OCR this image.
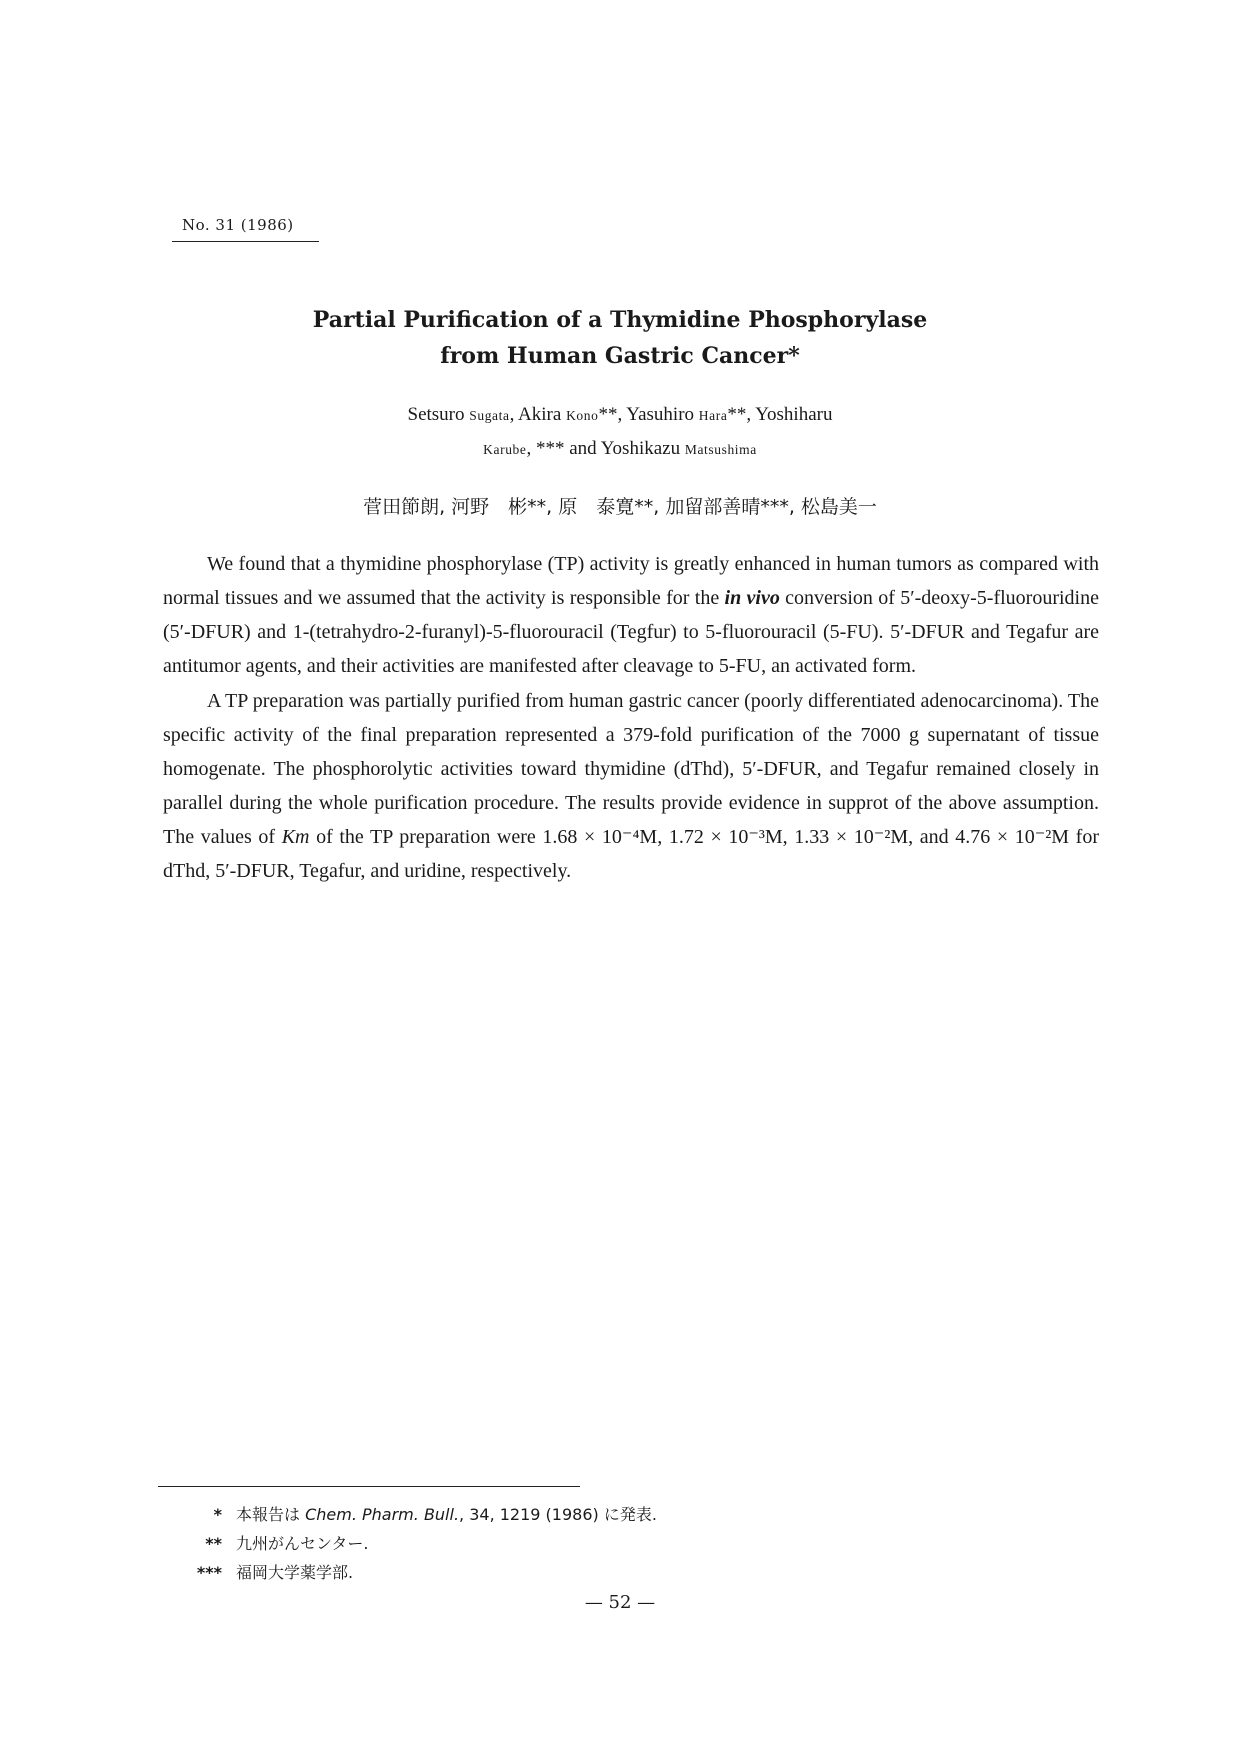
No. 31 (1986)
Partial Purification of a Thymidine Phosphorylase
from Human Gastric Cancer*
Setsuro Sugata, Akira Kono**, Yasuhiro Hara**, Yoshiharu
Karube, *** and Yoshikazu Matsushima
菅田節朗, 河野　彬**, 原　泰寛**, 加留部善晴***, 松島美一

We found that a thymidine phosphorylase (TP) activity is greatly enhanced in human tumors as compared with normal tissues and we assumed that the activity is responsible for the in vivo conversion of 5′-deoxy-5-fluorouridine (5′-DFUR) and 1-(tetrahydro-2-furanyl)-5-fluorouracil (Tegfur) to 5-fluorouracil (5-FU). 5′-DFUR and Tegafur are antitumor agents, and their activities are manifested after cleavage to 5-FU, an activated form.

A TP preparation was partially purified from human gastric cancer (poorly differentiated adenocarcinoma). The specific activity of the final preparation represented a 379-fold purification of the 7000 g supernatant of tissue homogenate. The phosphorolytic activities toward thymidine (dThd), 5′-DFUR, and Tegafur remained closely in parallel during the whole purification procedure. The results provide evidence in supprot of the above assumption. The values of Km of the TP preparation were 1.68 × 10⁻⁴M, 1.72 × 10⁻³M, 1.33 × 10⁻²M, and 4.76 × 10⁻²M for dThd, 5′-DFUR, Tegafur, and uridine, respectively.

* 本報告は Chem. Pharm. Bull., 34, 1219 (1986) に発表.
** 九州がんセンター.
*** 福岡大学薬学部.
— 52 —
